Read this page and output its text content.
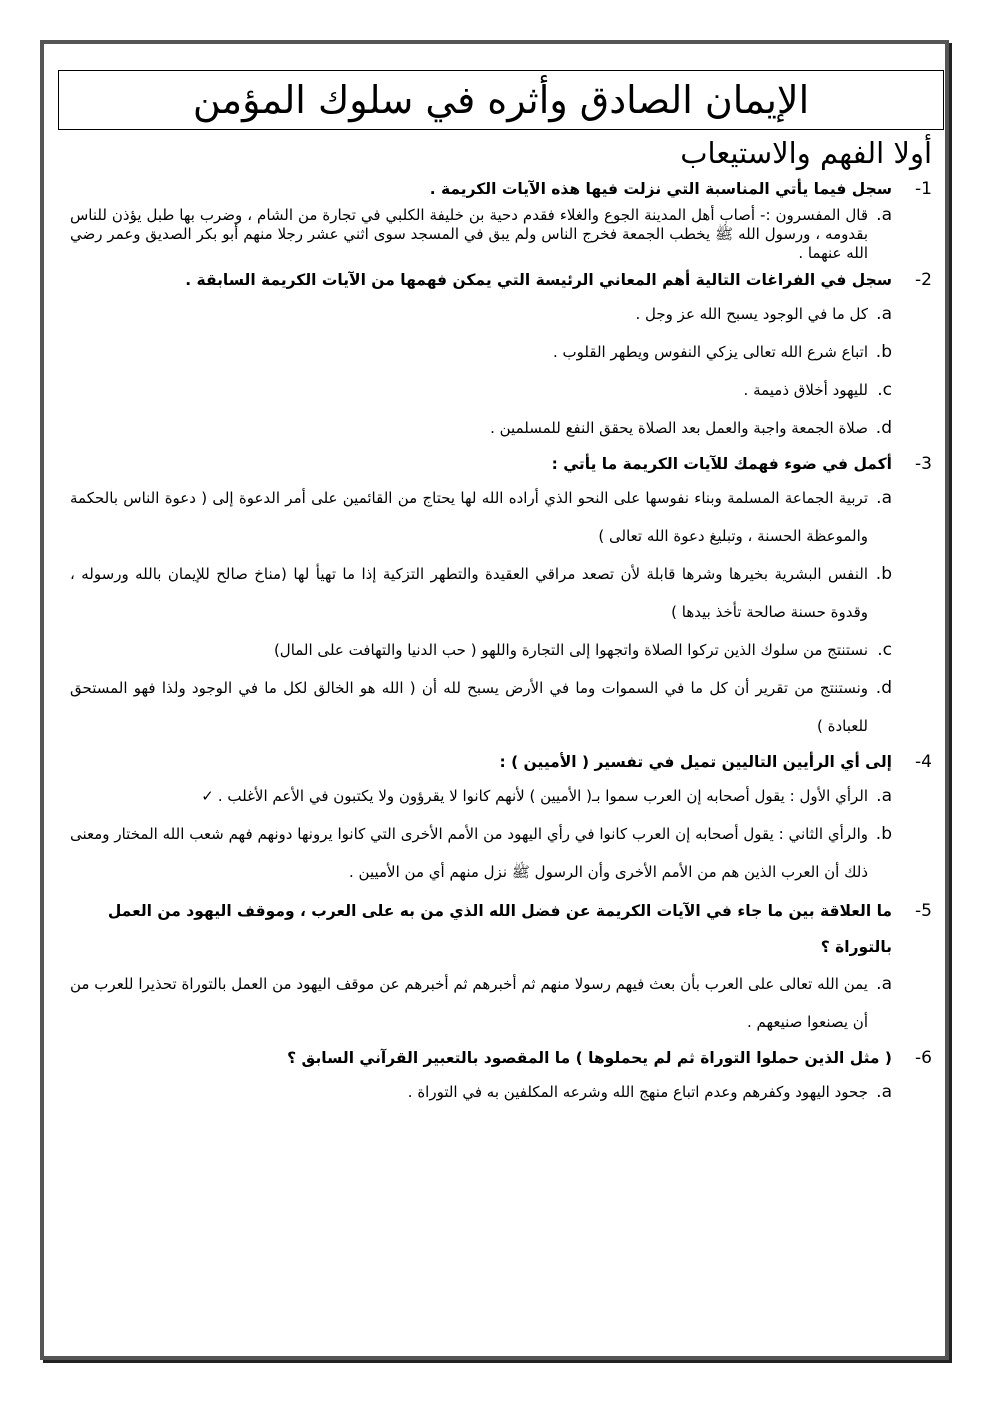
الإيمان الصادق وأثره في سلوك المؤمن
أولا الفهم والاستيعاب
1-
سجل فيما يأتي المناسبة التي نزلت فيها هذه الآيات الكريمة .
a.
قال المفسرون :- أصاب أهل المدينة الجوع والغلاء فقدم دحية بن خليفة الكلبي في تجارة من الشام ، وضرب بها طبل يؤذن للناس بقدومه ، ورسول الله ﷺ يخطب الجمعة فخرج الناس ولم يبق في المسجد سوى اثني عشر رجلا منهم أبو بكر الصديق وعمر رضي الله عنهما .
2-
سجل في الفراغات التالية أهم المعاني الرئيسة التي يمكن فهمها من الآيات الكريمة السابقة .
a.
كل ما في الوجود يسبح الله عز وجل .
b.
اتباع شرع الله تعالى يزكي النفوس ويطهر القلوب .
c.
لليهود أخلاق ذميمة .
d.
صلاة الجمعة واجبة والعمل بعد الصلاة يحقق النفع للمسلمين .
3-
أكمل في ضوء فهمك للآيات الكريمة ما يأتي :
a.
تربية الجماعة المسلمة وبناء نفوسها على النحو الذي أراده الله لها يحتاج من القائمين على أمر الدعوة إلى ( دعوة الناس بالحكمة والموعظة الحسنة ، وتبليغ دعوة الله تعالى )
b.
النفس البشرية بخيرها وشرها قابلة لأن تصعد مراقي العقيدة والتطهر التزكية إذا ما تهيأ لها (مناخ صالح للإيمان بالله ورسوله ، وقدوة حسنة صالحة تأخذ بيدها )
c.
نستنتج من سلوك الذين تركوا الصلاة واتجهوا إلى التجارة واللهو ( حب الدنيا والتهافت على المال)
d.
ونستنتج من تقرير أن كل ما في السموات وما في الأرض يسبح لله أن ( الله هو الخالق لكل ما في الوجود ولذا فهو المستحق للعبادة )
4-
إلى أي الرأيين التاليين تميل في تفسير ( الأميين ) :
a.
الرأي الأول : يقول أصحابه إن العرب سموا بـ( الأميين ) لأنهم كانوا لا يقرؤون ولا يكتبون في الأعم الأغلب .✓
b.
والرأي الثاني : يقول أصحابه إن العرب كانوا في رأي اليهود من الأمم الأخرى التي كانوا يرونها دونهم فهم شعب الله المختار ومعنى ذلك أن العرب الذين هم من الأمم الأخرى وأن الرسول ﷺ نزل منهم أي من الأميين .
5-
ما العلاقة بين ما جاء في الآيات الكريمة عن فضل الله الذي من به على العرب ، وموقف اليهود من العمل بالتوراة ؟
a.
يمن الله تعالى على العرب بأن بعث فيهم رسولا منهم ثم أخبرهم ثم أخبرهم عن موقف اليهود من العمل بالتوراة تحذيرا للعرب من أن يصنعوا صنيعهم .
6-
( مثل الذين حملوا التوراة ثم لم يحملوها ) ما المقصود بالتعبير القرآني السابق ؟
a.
جحود اليهود وكفرهم وعدم اتباع منهج الله وشرعه المكلفين به في التوراة .
